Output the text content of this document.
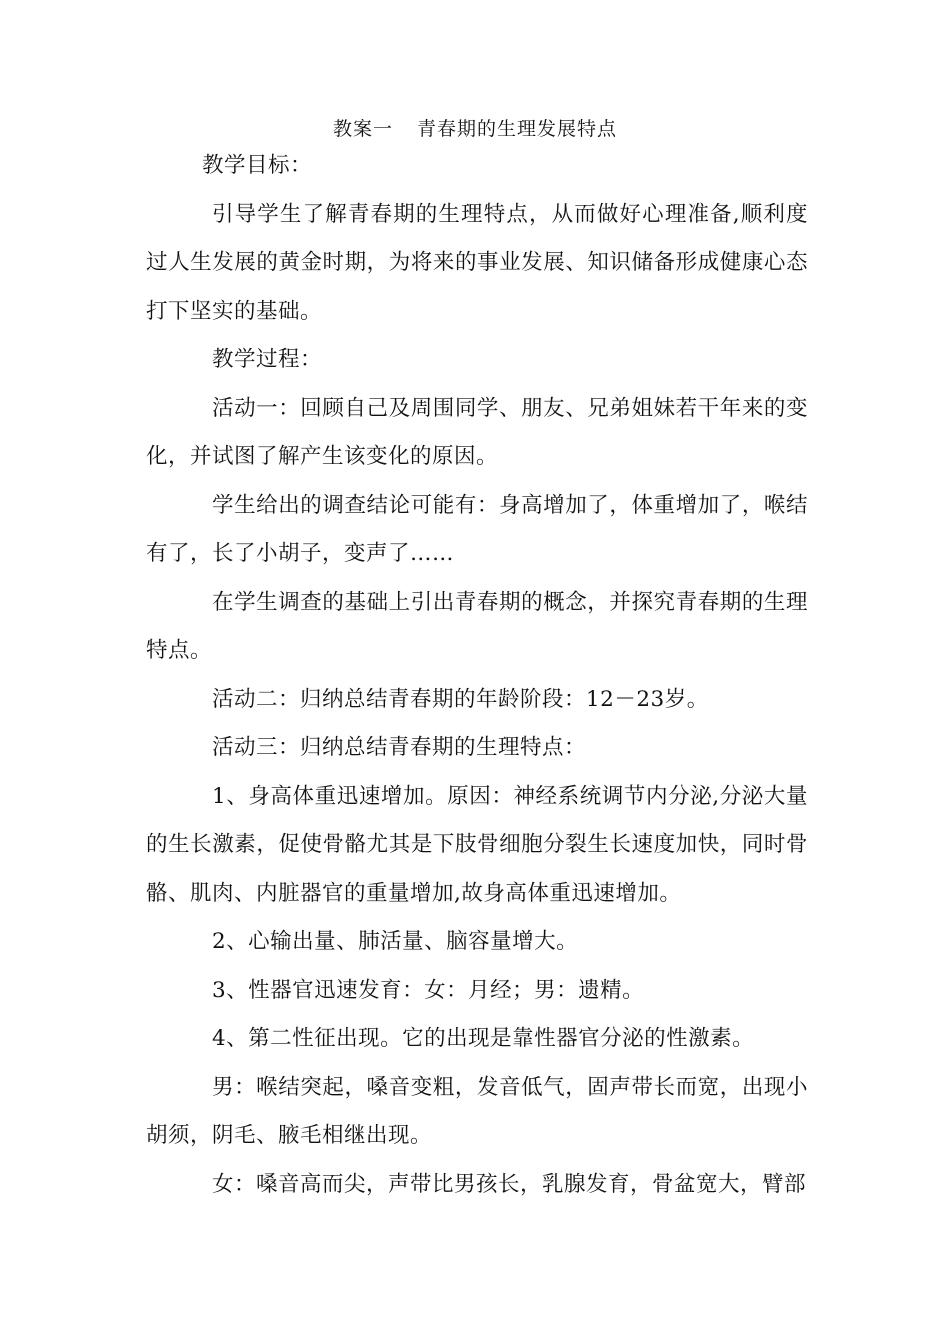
教案一 青春期的生理发展特点

教学目标：

引导学生了解青春期的生理特点，从而做好心理准备,顺利度过人生发展的黄金时期，为将来的事业发展、知识储备形成健康心态打下坚实的基础。

教学过程：

活动一：回顾自己及周围同学、朋友、兄弟姐妹若干年来的变化，并试图了解产生该变化的原因。

学生给出的调查结论可能有：身高增加了，体重增加了，喉结有了，长了小胡子，变声了……

在学生调查的基础上引出青春期的概念，并探究青春期的生理特点。

活动二：归纳总结青春期的年龄阶段：12－23岁。

活动三：归纳总结青春期的生理特点：

1、身高体重迅速增加。原因：神经系统调节内分泌,分泌大量的生长激素，促使骨骼尤其是下肢骨细胞分裂生长速度加快，同时骨骼、肌肉、内脏器官的重量增加,故身高体重迅速增加。

2、心输出量、肺活量、脑容量增大。

3、性器官迅速发育：女：月经；男：遗精。

4、第二性征出现。它的出现是靠性器官分泌的性激素。

男：喉结突起，嗓音变粗，发音低气，固声带长而宽，出现小胡须，阴毛、腋毛相继出现。

女：嗓音高而尖，声带比男孩长，乳腺发育，骨盆宽大，臂部
